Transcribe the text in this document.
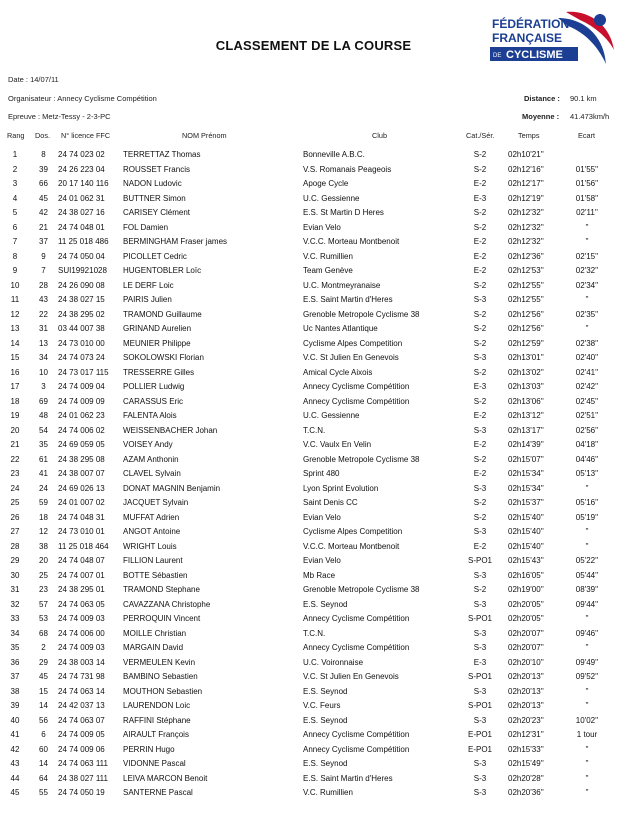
CLASSEMENT DE LA COURSE
FÉDÉRATION
FRANÇAISE
DE CYCLISME
Date : 14/07/11
Organisateur : Annecy Cyclisme Compétition
Epreuve : Metz-Tessy - 2-3-PC
Distance : 90.1 km
Moyenne : 41.473km/h
Rang Dos. N° licence FFC	NOM Prénom	Club	Cat./Sér.	Temps	Ecart
1	8	24 74 023 02	TERRETTAZ Thomas	Bonneville A.B.C.	S-2	02h10'21''
2	39	24 26 223 04	ROUSSET Francis	V.S. Romanais Peageois	S-2	02h12'16''	01'55''
3	66	20 17 140 116	NADON Ludovic	Apoge Cycle	E-2	02h12'17''	01'56''
4	45	24 01 062 31	BUTTNER Simon	U.C. Gessienne	E-3	02h12'19''	01'58''
5	42	24 38 027 16	CARISEY Clément	E.S. St Martin D Heres	S-2	02h12'32''	02'11''
6	21	24 74 048 01	FOL Damien	Evian Velo	S-2	02h12'32''	''
7	37	11 25 018 486	BERMINGHAM Fraser james	V.C.C. Morteau Montbenoit	E-2	02h12'32''	''
8	9	24 74 050 04	PICOLLET Cedric	V.C. Rumillien	E-2	02h12'36''	02'15''
9	7	SUI19921028	HUGENTOBLER Loïc	Team Genève	E-2	02h12'53''	02'32''
10	28	24 26 090 08	LE DERF Loic	U.C. Montmeyranaise	S-2	02h12'55''	02'34''
11	43	24 38 027 15	PAIRIS Julien	E.S. Saint Martin d'Heres	S-3	02h12'55''	''
12	22	24 38 295 02	TRAMOND Guillaume	Grenoble Metropole Cyclisme 38	S-2	02h12'56''	02'35''
13	31	03 44 007 38	GRINAND Aurelien	Uc Nantes Atlantique	S-2	02h12'56''	''
14	13	24 73 010 00	MEUNIER Philippe	Cyclisme Alpes Competition	S-2	02h12'59''	02'38''
15	34	24 74 073 24	SOKOLOWSKI Florian	V.C. St Julien En Genevois	S-3	02h13'01''	02'40''
16	10	24 73 017 115	TRESSERRE Gilles	Amical Cycle Aixois	S-2	02h13'02''	02'41''
17	3	24 74 009 04	POLLIER Ludwig	Annecy Cyclisme Compétition	E-3	02h13'03''	02'42''
18	69	24 74 009 09	CARASSUS Eric	Annecy Cyclisme Compétition	S-2	02h13'06''	02'45''
19	48	24 01 062 23	FALENTA Alois	U.C. Gessienne	E-2	02h13'12''	02'51''
20	54	24 74 006 02	WEISSENBACHER Johan	T.C.N.	S-3	02h13'17''	02'56''
21	35	24 69 059 05	VOISEY Andy	V.C. Vaulx En Velin	E-2	02h14'39''	04'18''
22	61	24 38 295 08	AZAM Anthonin	Grenoble Metropole Cyclisme 38	S-2	02h15'07''	04'46''
23	41	24 38 007 07	CLAVEL Sylvain	Sprint 480	E-2	02h15'34''	05'13''
24	24	24 69 026 13	DONAT MAGNIN Benjamin	Lyon Sprint Evolution	S-3	02h15'34''	''
25	59	24 01 007 02	JACQUET Sylvain	Saint Denis CC	S-2	02h15'37''	05'16''
26	18	24 74 048 31	MUFFAT Adrien	Evian Velo	S-2	02h15'40''	05'19''
27	12	24 73 010 01	ANGOT Antoine	Cyclisme Alpes Competition	S-3	02h15'40''	''
28	38	11 25 018 464	WRIGHT Louis	V.C.C. Morteau Montbenoit	E-2	02h15'40''	''
29	20	24 74 048 07	FILLION Laurent	Evian Velo	S-PO1 02h15'43''	05'22''
30	25	24 74 007 01	BOTTE Sébastien	Mb Race	S-3	02h16'05''	05'44''
31	23	24 38 295 01	TRAMOND Stephane	Grenoble Metropole Cyclisme 38	S-2	02h19'00''	08'39''
32	57	24 74 063 05	CAVAZZANA Christophe	E.S. Seynod	S-3	02h20'05''	09'44''
33	53	24 74 009 03	PERROQUIN Vincent	Annecy Cyclisme Compétition	S-PO1 02h20'05''	''
34	68	24 74 006 00	MOILLE Christian	T.C.N.	S-3	02h20'07''	09'46''
35	2	24 74 009 03	MARGAIN David	Annecy Cyclisme Compétition	S-3	02h20'07''	''
36	29	24 38 003 14	VERMEULEN Kevin	U.C. Voironnaise	E-3	02h20'10''	09'49''
37	45	24 74 731 98	BAMBINO Sebastien	V.C. St Julien En Genevois	S-PO1 02h20'13''	09'52''
38	15	24 74 063 14	MOUTHON Sebastien	E.S. Seynod	S-3	02h20'13''	''
39	14	24 42 037 13	LAURENDON Loic	V.C. Feurs	S-PO1 02h20'13''	''
40	56	24 74 063 07	RAFFINI Stéphane	E.S. Seynod	S-3	02h20'23''	10'02''
41	6	24 74 009 05	AIRAULT François	Annecy Cyclisme Compétition	E-PO1 02h12'31''	1 tour
42	60	24 74 009 06	PERRIN Hugo	Annecy Cyclisme Compétition	E-PO1 02h15'33''	''
43	14	24 74 063 111	VIDONNE Pascal	E.S. Seynod	S-3	02h15'49''	''
44	64	24 38 027 111	LEIVA MARCON Benoit	E.S. Saint Martin d'Heres	S-3	02h20'28''	''
45	55	24 74 050 19	SANTERNE Pascal	V.C. Rumillien	S-3	02h20'36''	''
